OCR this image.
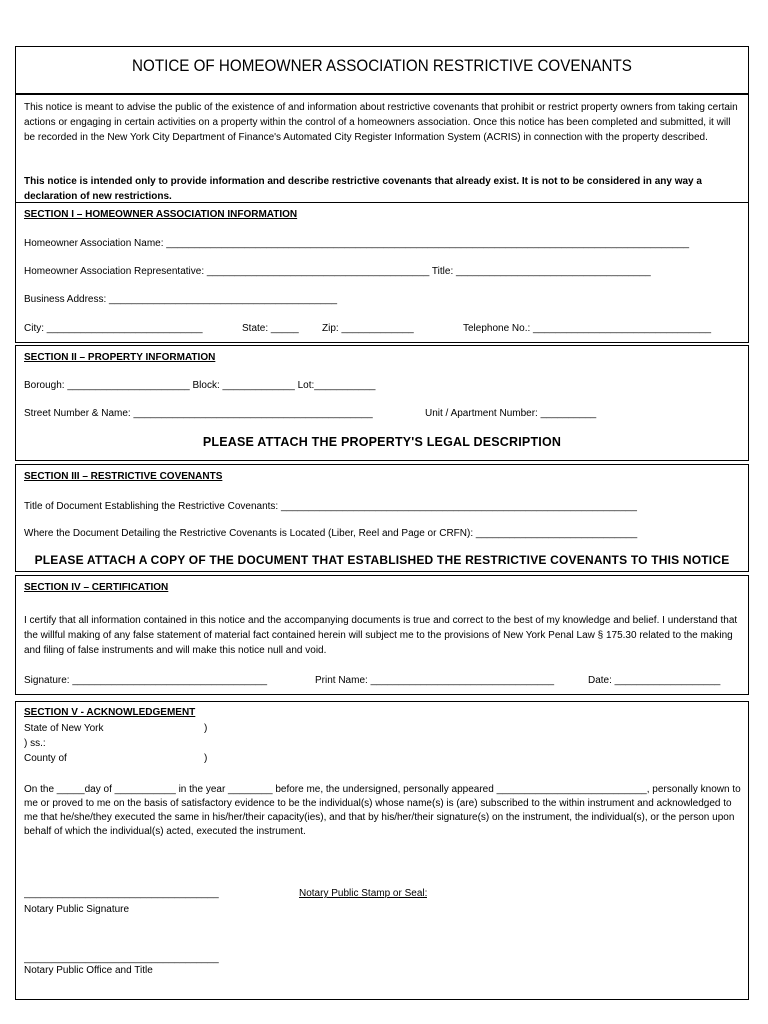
NOTICE OF HOMEOWNER ASSOCIATION RESTRICTIVE COVENANTS

This notice is meant to advise the public of the existence of and information about restrictive covenants that prohibit or restrict property owners from taking certain actions or engaging in certain activities on a property within the control of a homeowners association. Once this notice has been completed and submitted, it will be recorded in the New York City Department of Finance's Automated City Register Information System (ACRIS) in connection with the property described.

This notice is intended only to provide information and describe restrictive covenants that already exist. It is not to be considered in any way a declaration of new restrictions.

SECTION I – HOMEOWNER ASSOCIATION INFORMATION
Homeowner Association Name: ______________________________________________________________________________________________
Homeowner Association Representative: ________________________________________ Title: ___________________________________
Business Address: _________________________________________
City: ____________________________	State: _____	Zip: _____________	Telephone No.: ________________________________
SECTION II – PROPERTY INFORMATION
Borough: ______________________ Block: _____________ Lot:___________
Street Number & Name: ___________________________________________	Unit / Apartment Number: __________
PLEASE ATTACH THE PROPERTY'S LEGAL DESCRIPTION
SECTION III – RESTRICTIVE COVENANTS
Title of Document Establishing the Restrictive Covenants: ________________________________________________________________
Where the Document Detailing the Restrictive Covenants is Located (Liber, Reel and Page or CRFN): _____________________________
PLEASE ATTACH A COPY OF THE DOCUMENT THAT ESTABLISHED THE RESTRICTIVE COVENANTS TO THIS NOTICE
SECTION IV – CERTIFICATION

I certify that all information contained in this notice and the accompanying documents is true and correct to the best of my knowledge and belief. I understand that the willful making of any false statement of material fact contained herein will subject me to the provisions of New York Penal Law § 175.30 related to the making and filing of false instruments and will make this notice null and void.

Signature: ___________________________________	Print Name: _________________________________	Date: ___________________
SECTION V - ACKNOWLEDGEMENT
State of New York	)
) ss.:
County of	)

On the _____day of ___________ in the year ________ before me, the undersigned, personally appeared ___________________________, personally known to me or proved to me on the basis of satisfactory evidence to be the individual(s) whose name(s) is (are) subscribed to the within instrument and acknowledged to me that he/she/they executed the same in his/her/their capacity(ies), and that by his/her/their signature(s) on the instrument, the individual(s), or the person upon behalf of which the individual(s) acted, executed the instrument.

___________________________________	Notary Public Stamp or Seal:
Notary Public Signature
___________________________________
Notary Public Office and Title
